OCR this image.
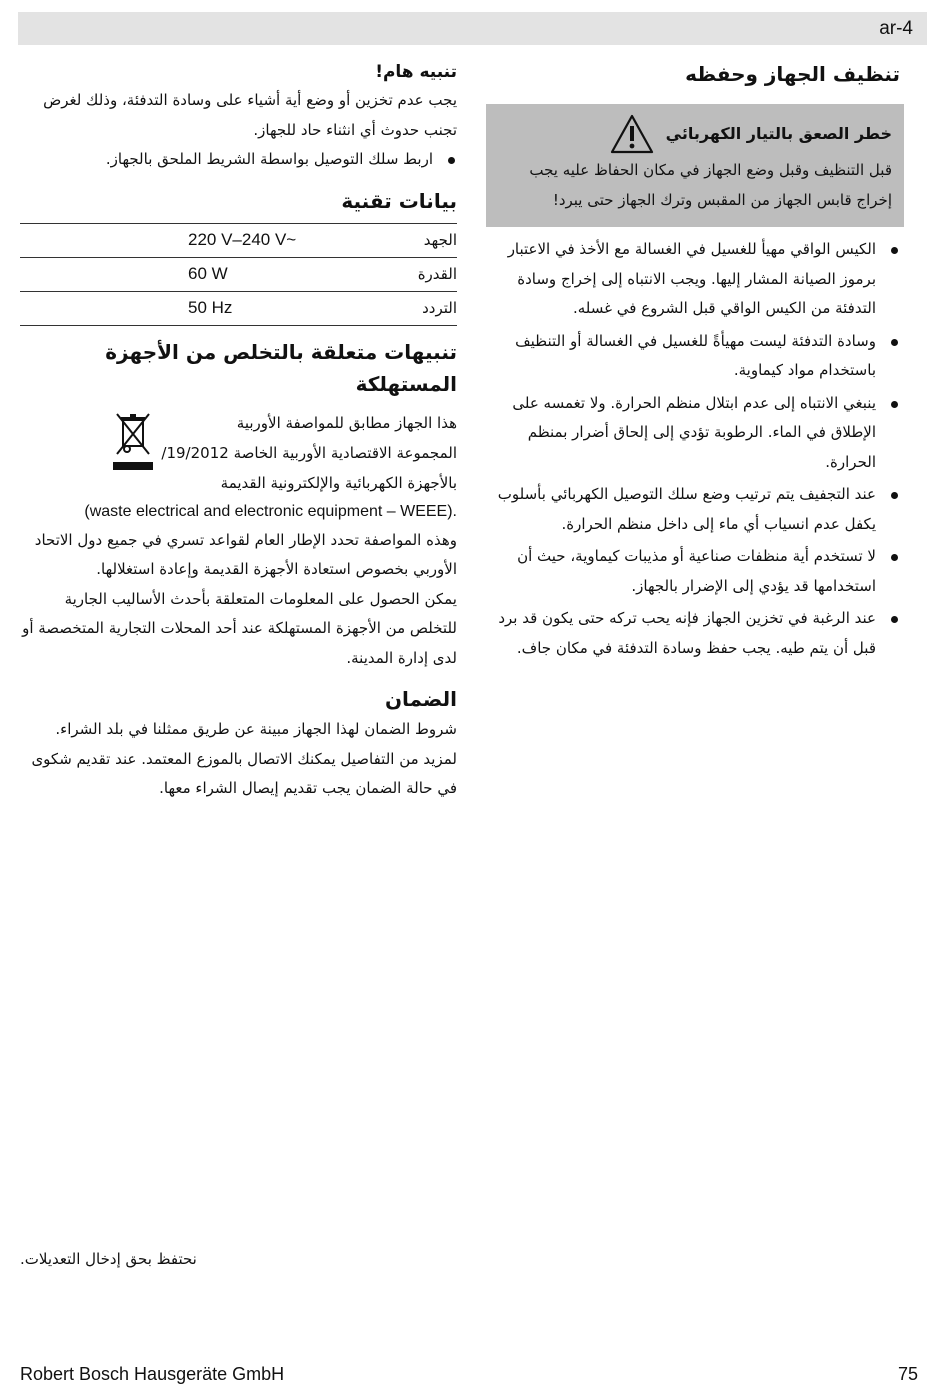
ar-4
تنظيف الجهاز وحفظه
خطر الصعق بالتيار الكهربائي

قبل التنظيف وقبل وضع الجهاز في مكان الحفاظ عليه يجب إخراج قابس الجهاز من المقبس وترك الجهاز حتى يبرد!

الكيس الواقي مهيأ للغسيل في الغسالة مع الأخذ في الاعتبار برموز الصيانة المشار إليها. ويجب الانتباه إلى إخراج وسادة التدفئة من الكيس الواقي قبل الشروع في غسله.
وسادة التدفئة ليست مهيأةً للغسيل في الغسالة أو التنظيف باستخدام مواد كيماوية.
ينبغي الانتباه إلى عدم ابتلال منظم الحرارة. ولا تغمسه على الإطلاق في الماء. الرطوبة تؤدي إلى إلحاق أضرار بمنظم الحرارة.
عند التجفيف يتم ترتيب وضع سلك التوصيل الكهربائي بأسلوب يكفل عدم انسياب أي ماء إلى داخل منظم الحرارة.
لا تستخدم أية منظفات صناعية أو مذيبات كيماوية، حيث أن استخدامها قد يؤدي إلى الإضرار بالجهاز.
عند الرغبة في تخزين الجهاز فإنه يحب تركه حتى يكون قد برد قبل أن يتم طيه. يجب حفظ وسادة التدفئة في مكان جاف.
تنبيه هام!

يجب عدم تخزين أو وضع أية أشياء على وسادة التدفئة، وذلك لغرض تجنب حدوث أي انثناء حاد للجهاز.

اربط سلك التوصيل بواسطة الشريط الملحق بالجهاز.
بيانات تقنية
الجهد	220 V–240 V~
القدرة	60 W
التردد	50 Hz
تنبيهات متعلقة بالتخلص من الأجهزة المستهلكة

هذا الجهاز مطابق للمواصفة الأوربية

المجموعة الاقتصادية الأوربية الخاصة 19/2012/

بالأجهزة الكهربائية والإلكترونية القديمة

(waste electrical and electronic equipment – WEEE).

وهذه المواصفة تحدد الإطار العام لقواعد تسري في جميع دول الاتحاد الأوربي بخصوص استعادة الأجهزة القديمة وإعادة استغلالها.

يمكن الحصول على المعلومات المتعلقة بأحدث الأساليب الجارية للتخلص من الأجهزة المستهلكة عند أحد المحلات التجارية المتخصصة أو لدى إدارة المدينة.

الضمان

شروط الضمان لهذا الجهاز مبينة عن طريق ممثلنا في بلد الشراء. لمزيد من التفاصيل يمكنك الاتصال بالموزع المعتمد. عند تقديم شكوى في حالة الضمان يجب تقديم إيصال الشراء معها.

نحتفظ بحق إدخال التعديلات.
Robert Bosch Hausgeräte GmbH	75
